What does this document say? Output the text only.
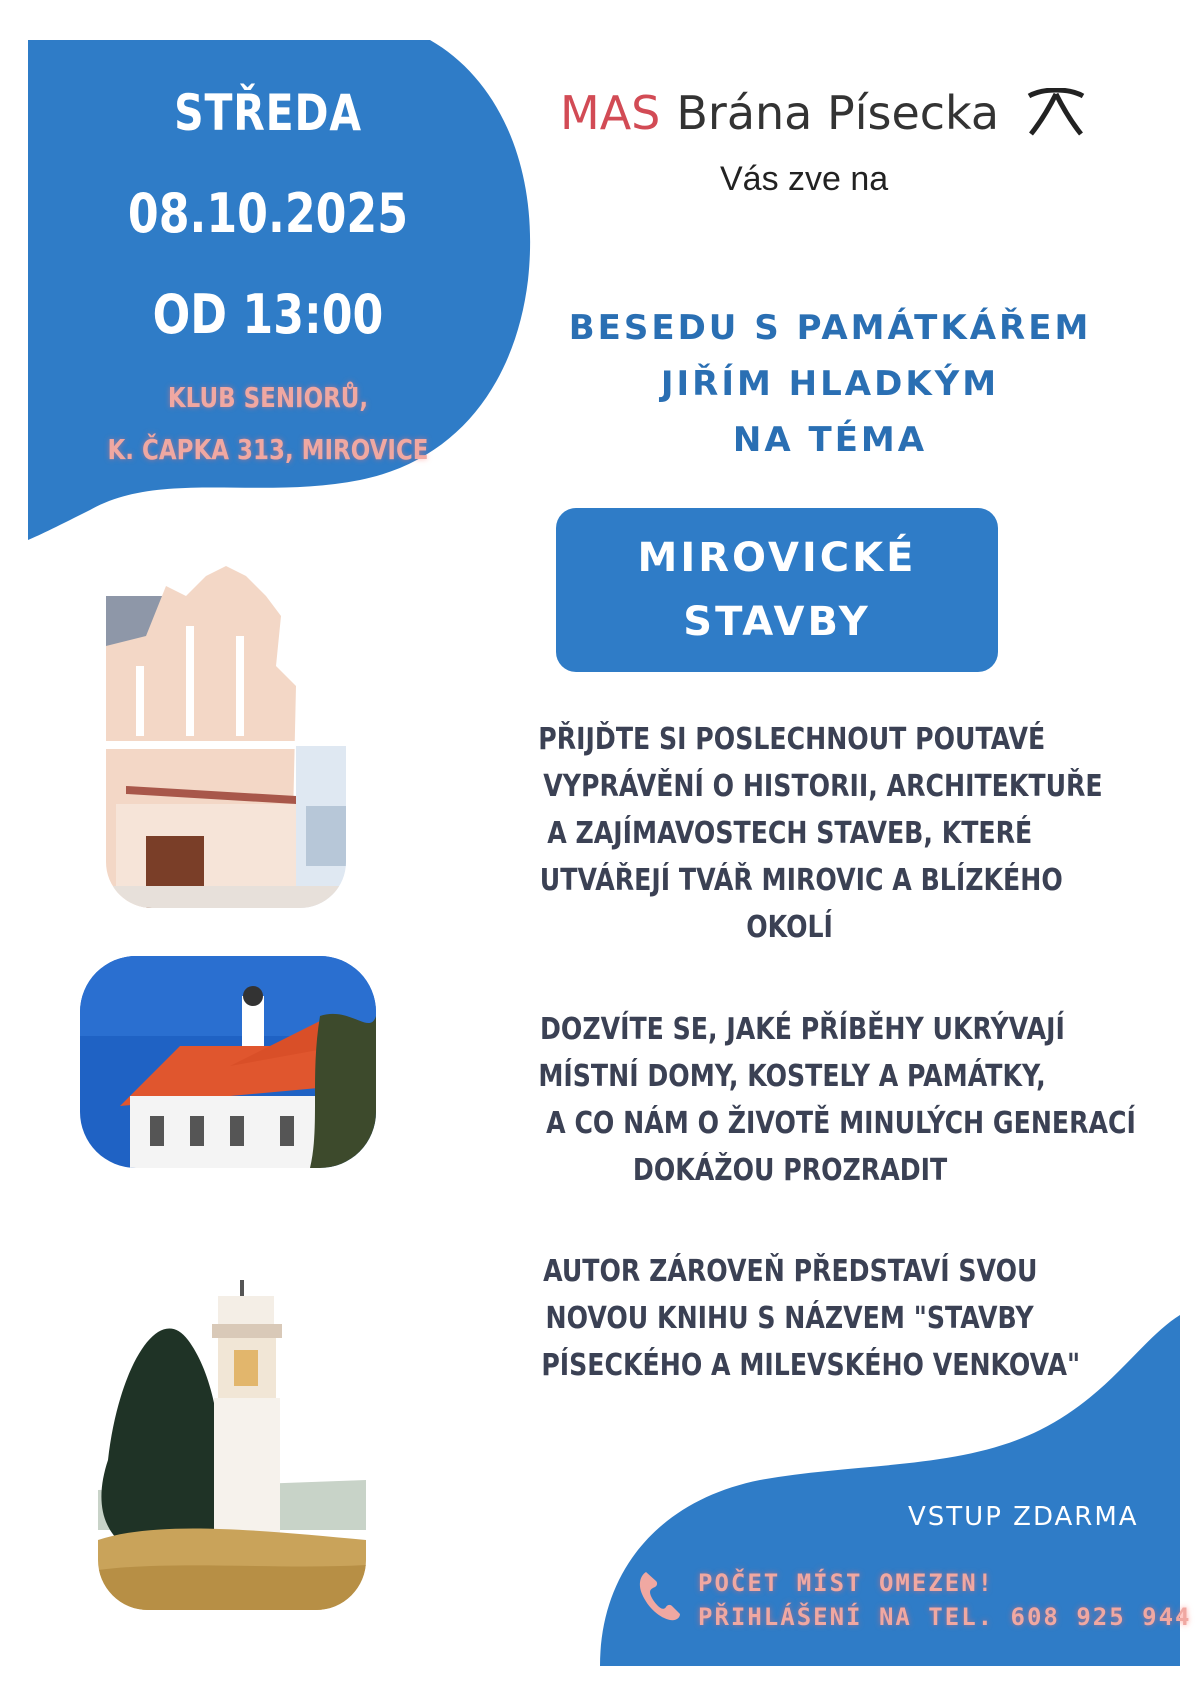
STŘEDA
08.10.2025
OD 13:00
KLUB SENIORŮ,
K. ČAPKA 313, MIROVICE
MAS Brána Písecka
Vás zve na
BESEDU S PAMÁTKÁŘEM
JIŘÍM HLADKÝM
NA TÉMA
MIROVICKÉ
STAVBY
PŘIJĎTE SI POSLECHNOUT POUTAVÉ
VYPRÁVĚNÍ O HISTORII, ARCHITEKTUŘE
A ZAJÍMAVOSTECH STAVEB, KTERÉ
UTVÁŘEJÍ TVÁŘ MIROVIC A BLÍZKÉHO
OKOLÍ
DOZVÍTE SE, JAKÉ PŘÍBĚHY UKRÝVAJÍ
MÍSTNÍ DOMY, KOSTELY A PAMÁTKY,
A CO NÁM O ŽIVOTĚ MINULÝCH GENERACÍ
DOKÁŽOU PROZRADIT
AUTOR ZÁROVEŇ PŘEDSTAVÍ SVOU
NOVOU KNIHU S NÁZVEM "STAVBY
PÍSECKÉHO A MILEVSKÉHO VENKOVA"
VSTUP ZDARMA
POČET MÍST OMEZEN!
PŘIHLÁŠENÍ NA TEL. 608 925 944
